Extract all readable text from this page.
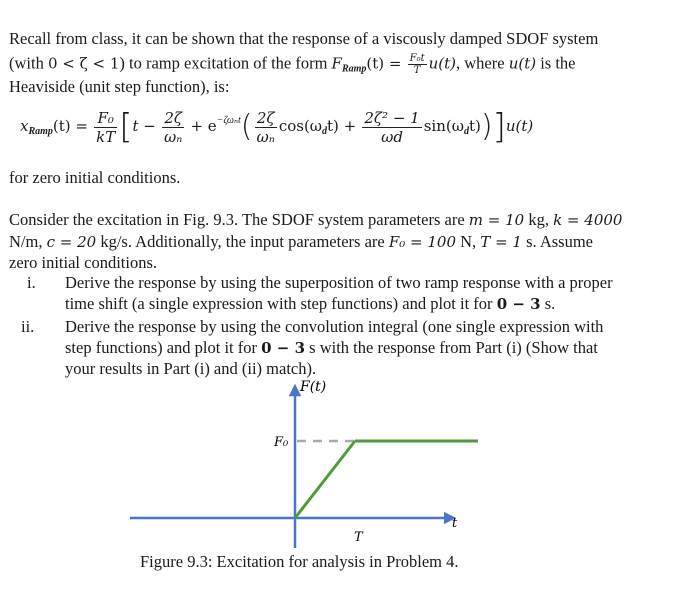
Recall from class, it can be shown that the response of a viscously damped SDOF system
(with 0 < ζ < 1) to ramp excitation of the form $F_{Ramp}(t) = \frac{\text{F₀t}}{T} u(t)$, where u(t) is the
Heaviside (unit step function), is:
$x_{Ramp}(t) = \frac{\text{F₀}}{kT} [t - \frac{2\zeta}{\text{ωₙ}} + e^{-\zeta\omega_nt}( \frac{2\zeta}{\text{ωₙ}} \cos(\omega_dt) + \frac{\text{2ζ² − 1}}{\omega d} \sin(\omega_dt))]u(t)$
for zero initial conditions.
Consider the excitation in Fig. 9.3. The SDOF system parameters are m = 10 kg, k = 4000
N/m, c = 20 kg/s. Additionally, the input parameters are F₀ = 100 N, T = 1 s. Assume
zero initial conditions.
i. Derive the response by using the superposition of two ramp response with a proper
time shift (a single expression with step functions) and plot it for 0 − 3 s.
ii. Derive the response by using the convolution integral (one single expression with
step functions) and plot it for 0 − 3 s with the response from Part (i) (Show that
your results in Part (i) and (ii) match).
F(t)
F₀
t
T
Figure 9.3: Excitation for analysis in Problem 4.
